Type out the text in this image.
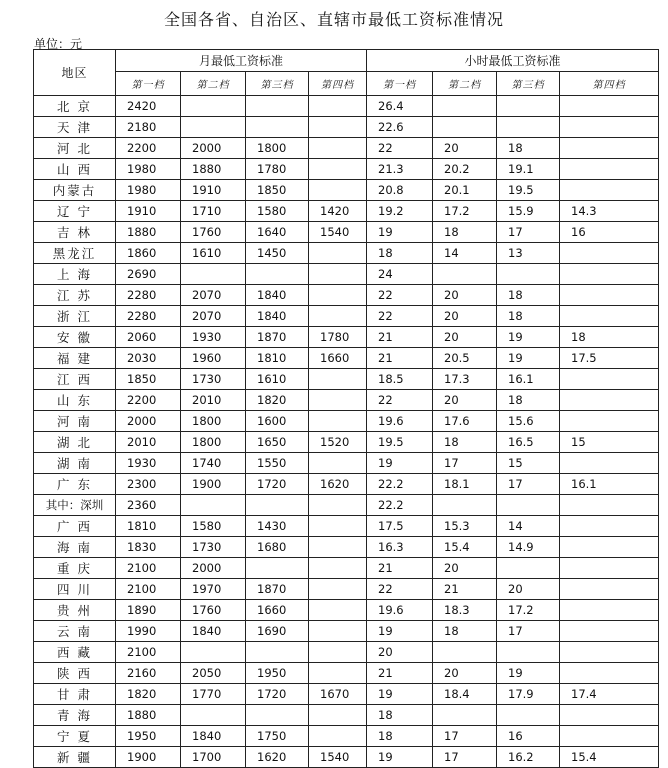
全国各省、自治区、直辖市最低工资标准情况
单位：元
地区	月最低工资标准				小时最低工资标准			
	第一档	第二档	第三档	第四档	第一档	第二档	第三档	第四档
北 京	2420				26.4			
天 津	2180				22.6			
河 北	2200	2000	1800		22	20	18	
山 西	1980	1880	1780		21.3	20.2	19.1	
内蒙古	1980	1910	1850		20.8	20.1	19.5	
辽 宁	1910	1710	1580	1420	19.2	17.2	15.9	14.3
吉 林	1880	1760	1640	1540	19	18	17	16
黑龙江	1860	1610	1450		18	14	13	
上 海	2690				24			
江 苏	2280	2070	1840		22	20	18	
浙 江	2280	2070	1840		22	20	18	
安 徽	2060	1930	1870	1780	21	20	19	18
福 建	2030	1960	1810	1660	21	20.5	19	17.5
江 西	1850	1730	1610		18.5	17.3	16.1	
山 东	2200	2010	1820		22	20	18	
河 南	2000	1800	1600		19.6	17.6	15.6	
湖 北	2010	1800	1650	1520	19.5	18	16.5	15
湖 南	1930	1740	1550		19	17	15	
广 东	2300	1900	1720	1620	22.2	18.1	17	16.1
其中：深圳	2360				22.2			
广 西	1810	1580	1430		17.5	15.3	14	
海 南	1830	1730	1680		16.3	15.4	14.9	
重 庆	2100	2000			21	20		
四 川	2100	1970	1870		22	21	20	
贵 州	1890	1760	1660		19.6	18.3	17.2	
云 南	1990	1840	1690		19	18	17	
西 藏	2100				20			
陕 西	2160	2050	1950		21	20	19	
甘 肃	1820	1770	1720	1670	19	18.4	17.9	17.4
青 海	1880				18			
宁 夏	1950	1840	1750		18	17	16	
新 疆	1900	1700	1620	1540	19	17	16.2	15.4
